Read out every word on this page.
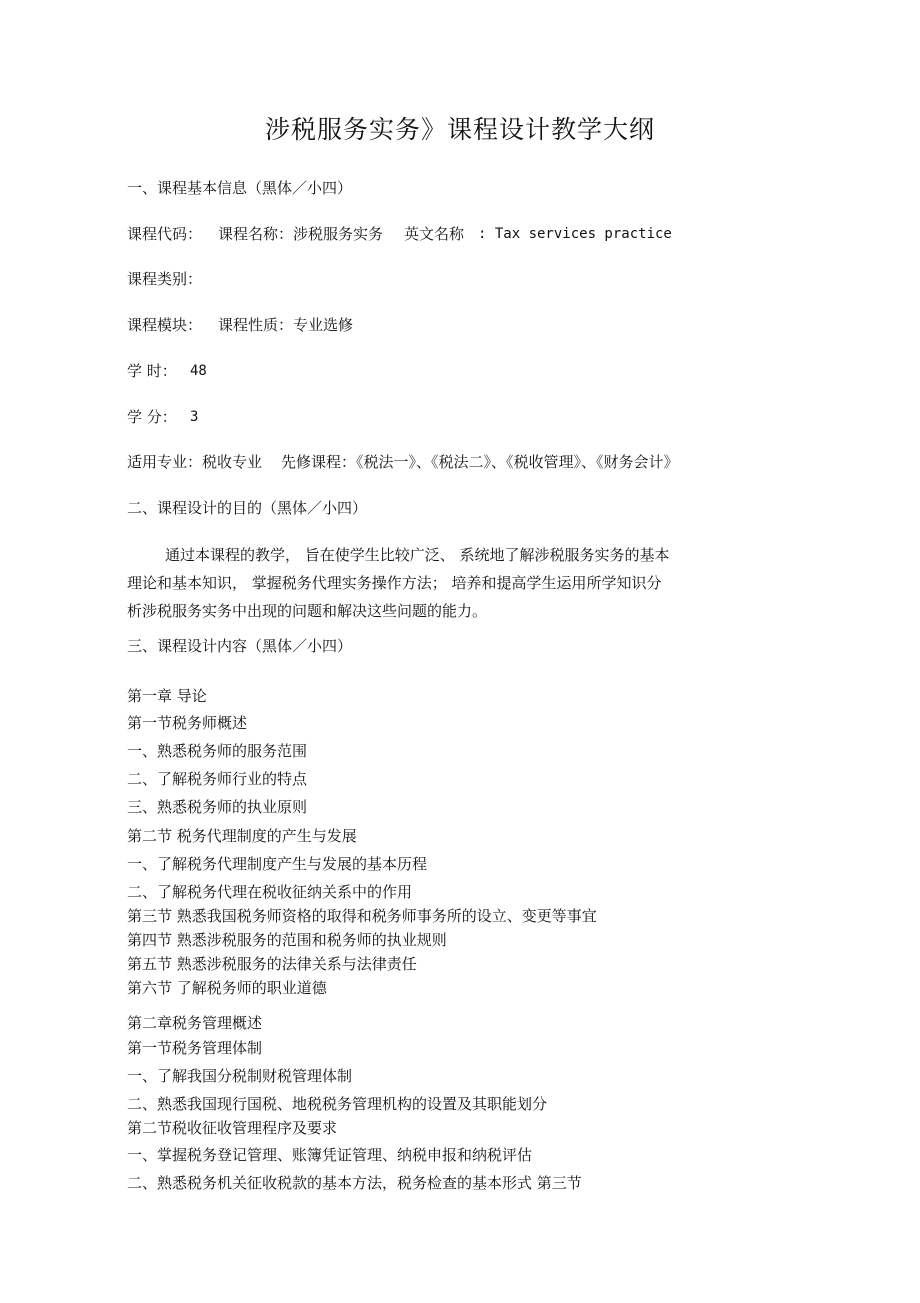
涉税服务实务》课程设计教学大纲
一、课程基本信息（黑体／小四）
课程代码： 课程名称：涉税服务实务 英文名称 : Tax services practice
课程类别：
课程模块： 课程性质：专业选修
学 时： 48
学 分： 3
适用专业：税收专业 先修课程：《税法一》、《税法二》、《税收管理》、《财务会计》
二、课程设计的目的（黑体／小四）
通过本课程的教学， 旨在使学生比较广泛、 系统地了解涉税服务实务的基本
理论和基本知识， 掌握税务代理实务操作方法； 培养和提高学生运用所学知识分
析涉税服务实务中出现的问题和解决这些问题的能力。
三、课程设计内容（黑体／小四）
第一章 导论
第一节税务师概述
一、熟悉税务师的服务范围
二、了解税务师行业的特点
三、熟悉税务师的执业原则
第二节 税务代理制度的产生与发展
一、了解税务代理制度产生与发展的基本历程
二、了解税务代理在税收征纳关系中的作用
第三节 熟悉我国税务师资格的取得和税务师事务所的设立、变更等事宜
第四节 熟悉涉税服务的范围和税务师的执业规则
第五节 熟悉涉税服务的法律关系与法律责任
第六节 了解税务师的职业道德
第二章税务管理概述
第一节税务管理体制
一、了解我国分税制财税管理体制
二、熟悉我国现行国税、地税税务管理机构的设置及其职能划分
第二节税收征收管理程序及要求
一、掌握税务登记管理、账簿凭证管理、纳税申报和纳税评估
二、熟悉税务机关征收税款的基本方法，税务检查的基本形式 第三节
